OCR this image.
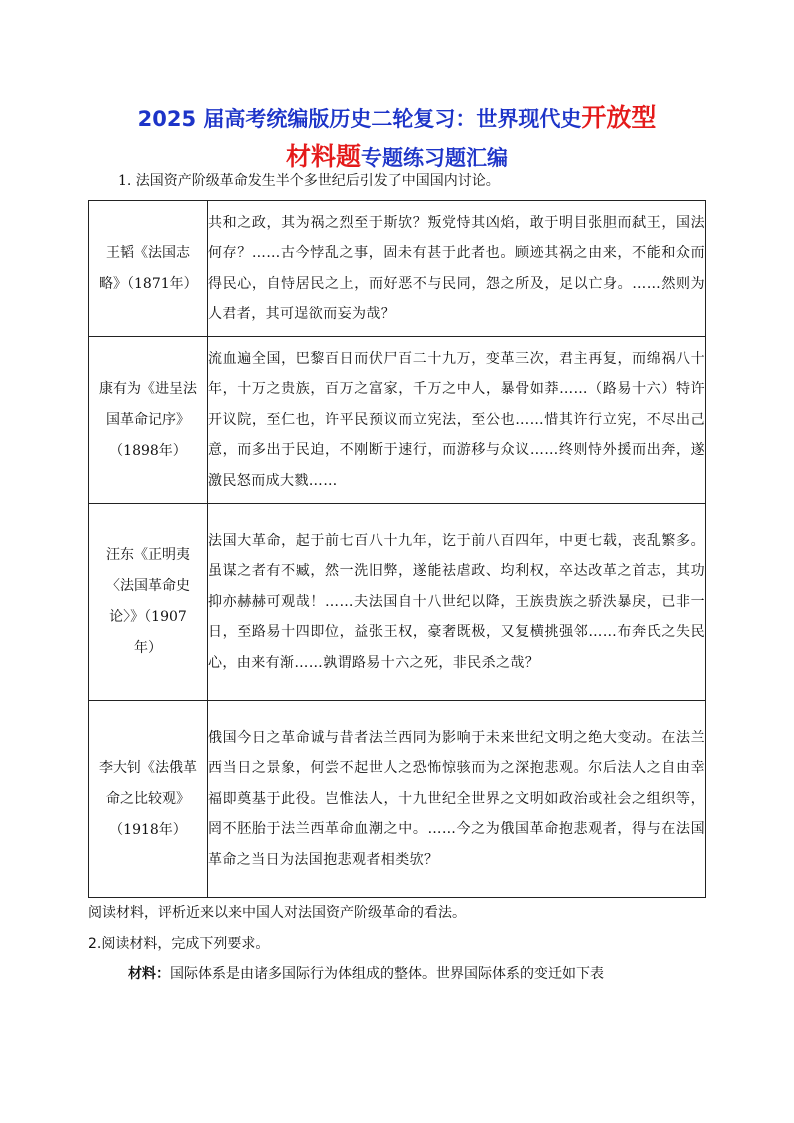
2025 届高考统编版历史二轮复习：世界现代史开放型
材料题专题练习题汇编
1. 法国资产阶级革命发生半个多世纪后引发了中国国内讨论。
王韬《法国志略》（1871年）	共和之政，其为祸之烈至于斯欤？叛党恃其凶焰，敢于明目张胆而弑王，国法何存？……古今悖乱之事，固未有甚于此者也。顾迹其祸之由来，不能和众而得民心，自恃居民之上，而好恶不与民同，怨之所及，足以亡身。……然则为人君者，其可逞欲而妄为哉？

康有为《进呈法国革命记序》（1898年）	流血遍全国，巴黎百日而伏尸百二十九万，变革三次，君主再复，而绵祸八十年，十万之贵族，百万之富家，千万之中人，暴骨如莽……（路易十六）特许开议院，至仁也，许平民预议而立宪法，至公也……惜其许行立宪，不尽出己意，而多出于民迫，不刚断于速行，而游移与众议……终则恃外援而出奔，遂激民怒而成大戮……

汪东《正明夷〈法国革命史论〉》（1907年）	法国大革命，起于前七百八十九年，讫于前八百四年，中更七载，丧乱繁多。虽谋之者有不臧，然一洗旧弊，遂能祛虐政、均利权，卒达改革之首志，其功抑亦赫赫可观哉！……夫法国自十八世纪以降，王族贵族之骄泆暴戾，已非一日，至路易十四即位，益张王权，豪奢既极，又复横挑强邻……布奔氏之失民心，由来有渐……孰谓路易十六之死，非民杀之哉？

李大钊《法俄革命之比较观》（1918年）	俄国今日之革命诚与昔者法兰西同为影响于未来世纪文明之绝大变动。在法兰西当日之景象，何尝不起世人之恐怖惊骇而为之深抱悲观。尔后法人之自由幸福即奠基于此役。岂惟法人，十九世纪全世界之文明如政治或社会之组织等，罔不胚胎于法兰西革命血潮之中。……今之为俄国革命抱悲观者，得与在法国革命之当日为法国抱悲观者相类欤？

阅读材料，评析近来以来中国人对法国资产阶级革命的看法。
2.阅读材料，完成下列要求。
材料：国际体系是由诸多国际行为体组成的整体。世界国际体系的变迁如下表
